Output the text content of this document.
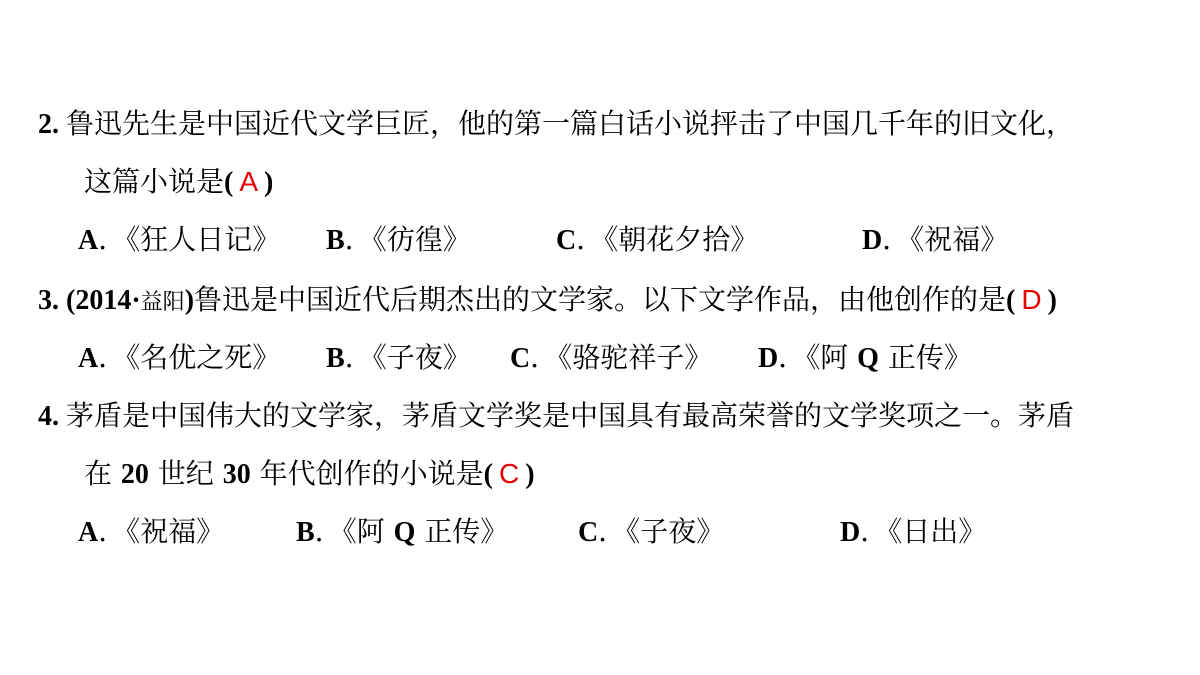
2. 鲁迅先生是中国近代文学巨匠，他的第一篇白话小说抨击了中国几千年的旧文化，
这篇小说是( A )
A．《狂人日记》 B．《彷徨》	C．《朝花夕拾》	D．《祝福》
3. (2014·益阳)鲁迅是中国近代后期杰出的文学家。以下文学作品，由他创作的是( D )
A．《名优之死》 B．《子夜》 C．《骆驼祥子》 D．《阿 Q 正传》
4. 茅盾是中国伟大的文学家，茅盾文学奖是中国具有最高荣誉的文学奖项之一。茅盾
在 20 世纪 30 年代创作的小说是( C )
A．《祝福》	B．《阿 Q 正传》 C．《子夜》	D．《日出》
